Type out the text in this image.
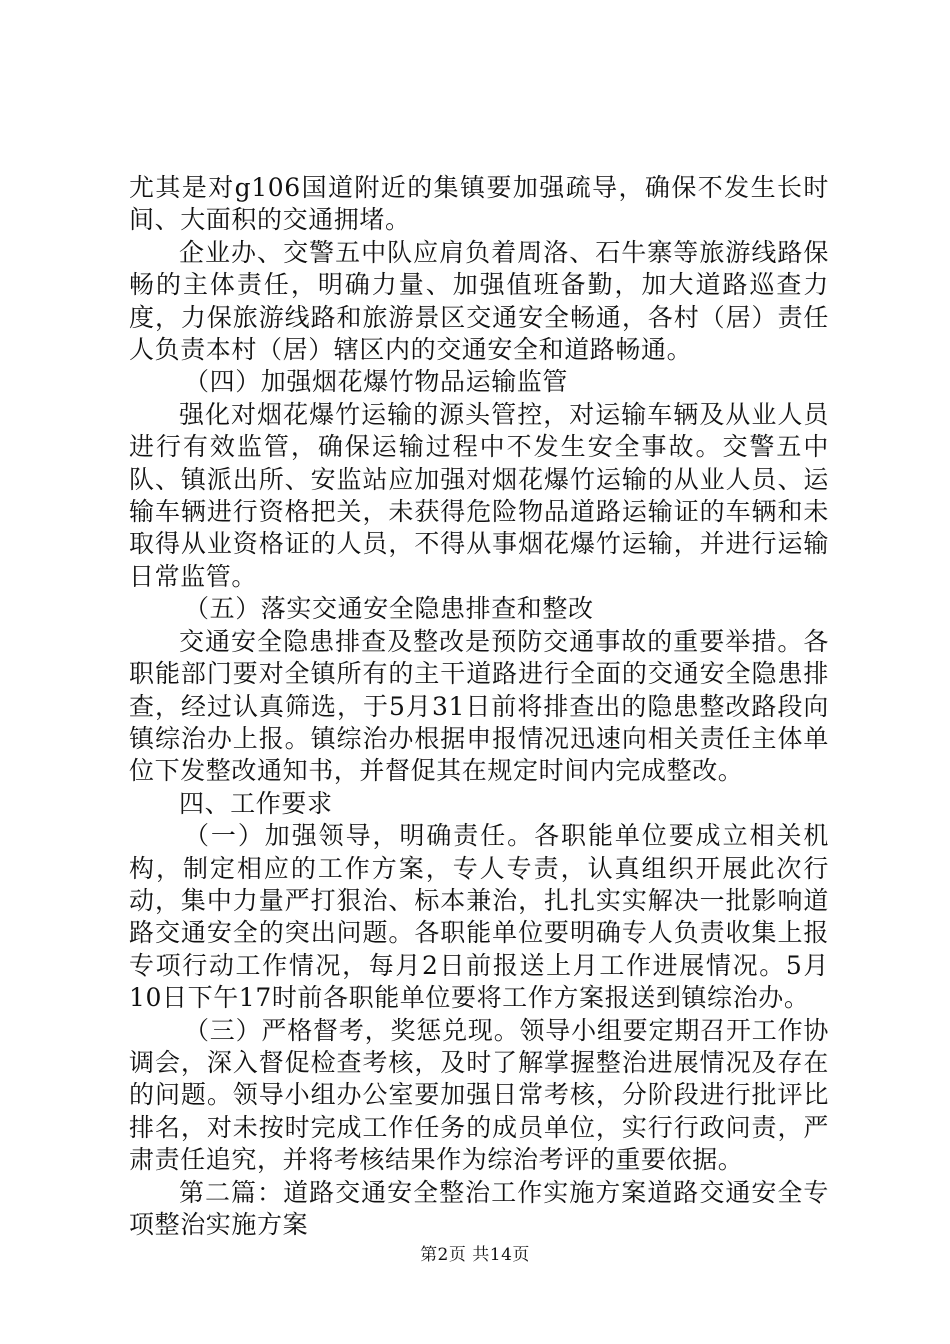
尤其是对g106国道附近的集镇要加强疏导，确保不发生长时间、大面积的交通拥堵。

企业办、交警五中队应肩负着周洛、石牛寨等旅游线路保畅的主体责任，明确力量、加强值班备勤，加大道路巡查力度，力保旅游线路和旅游景区交通安全畅通，各村（居）责任人负责本村（居）辖区内的交通安全和道路畅通。

（四）加强烟花爆竹物品运输监管

强化对烟花爆竹运输的源头管控，对运输车辆及从业人员进行有效监管，确保运输过程中不发生安全事故。交警五中队、镇派出所、安监站应加强对烟花爆竹运输的从业人员、运输车辆进行资格把关，未获得危险物品道路运输证的车辆和未取得从业资格证的人员，不得从事烟花爆竹运输，并进行运输日常监管。

（五）落实交通安全隐患排查和整改

交通安全隐患排查及整改是预防交通事故的重要举措。各职能部门要对全镇所有的主干道路进行全面的交通安全隐患排查，经过认真筛选，于5月31日前将排查出的隐患整改路段向镇综治办上报。镇综治办根据申报情况迅速向相关责任主体单位下发整改通知书，并督促其在规定时间内完成整改。

四、工作要求

（一）加强领导，明确责任。各职能单位要成立相关机构，制定相应的工作方案，专人专责，认真组织开展此次行动，集中力量严打狠治、标本兼治，扎扎实实解决一批影响道路交通安全的突出问题。各职能单位要明确专人负责收集上报专项行动工作情况，每月2日前报送上月工作进展情况。5月10日下午17时前各职能单位要将工作方案报送到镇综治办。

（三）严格督考，奖惩兑现。领导小组要定期召开工作协调会，深入督促检查考核，及时了解掌握整治进展情况及存在的问题。领导小组办公室要加强日常考核，分阶段进行批评比排名，对未按时完成工作任务的成员单位，实行行政问责，严肃责任追究，并将考核结果作为综治考评的重要依据。

第二篇：道路交通安全整治工作实施方案道路交通安全专项整治实施方案

第2页 共14页
